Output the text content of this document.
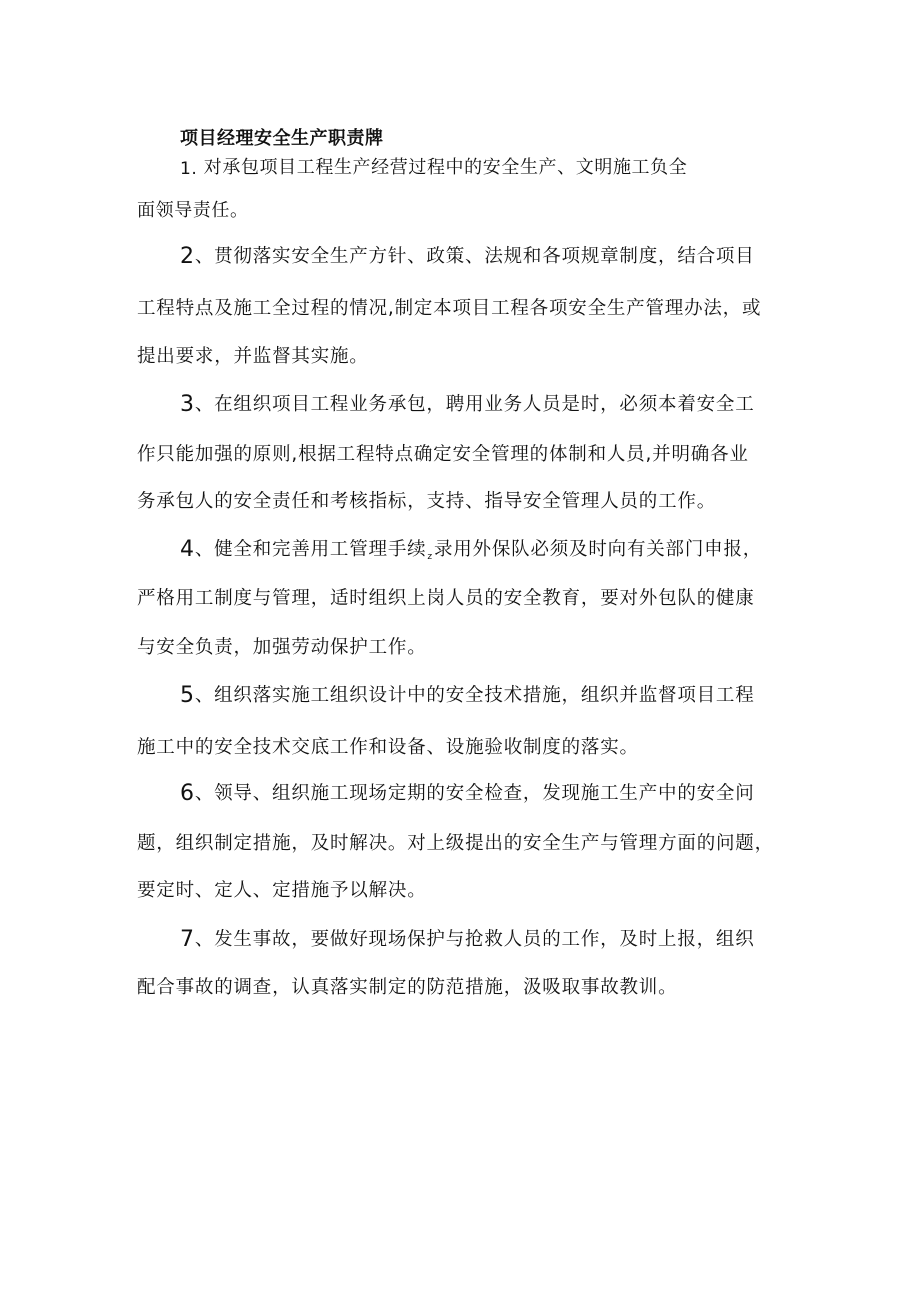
项目经理安全生产职责牌
1. 对承包项目工程生产经营过程中的安全生产、文明施工负全
面领导责任。
2、贯彻落实安全生产方针、政策、法规和各项规章制度，结合项目
工程特点及施工全过程的情况,制定本项目工程各项安全生产管理办法，或
提出要求，并监督其实施。
3、在组织项目工程业务承包，聘用业务人员是时，必须本着安全工
作只能加强的原则,根据工程特点确定安全管理的体制和人员,并明确各业
务承包人的安全责任和考核指标，支持、指导安全管理人员的工作。
4、健全和完善用工管理手续$_z$录用外保队必须及时向有关部门申报，
严格用工制度与管理，适时组织上岗人员的安全教育，要对外包队的健康
与安全负责，加强劳动保护工作。
5、组织落实施工组织设计中的安全技术措施，组织并监督项目工程
施工中的安全技术交底工作和设备、设施验收制度的落实。
6、领导、组织施工现场定期的安全检查，发现施工生产中的安全问
题，组织制定措施，及时解决。对上级提出的安全生产与管理方面的问题，
要定时、定人、定措施予以解决。
7、发生事故，要做好现场保护与抢救人员的工作，及时上报，组织
配合事故的调查，认真落实制定的防范措施，汲吸取事故教训。
